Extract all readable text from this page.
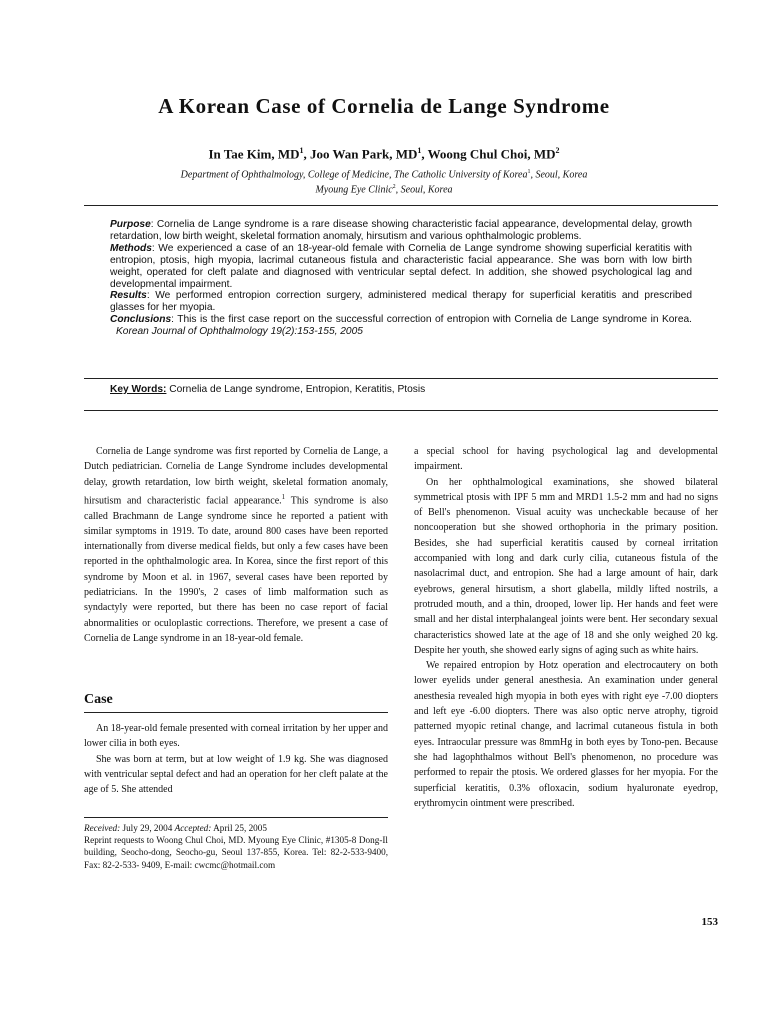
A Korean Case of Cornelia de Lange Syndrome
In Tae Kim, $MD^1$, Joo Wan Park, $MD^1$, Woong Chul Choi, $MD^2$
Department of Ophthalmology, College of Medicine, The Catholic University of Korea$^1$, Seoul, Korea
Myoung Eye Clinic$^2$, Seoul, Korea

Purpose: Cornelia de Lange syndrome is a rare disease showing characteristic facial appearance, developmental delay, growth retardation, low birth weight, skeletal formation anomaly, hirsutism and various ophthalmologic problems.

Methods: We experienced a case of an 18-year-old female with Cornelia de Lange syndrome showing superficial keratitis with entropion, ptosis, high myopia, lacrimal cutaneous fistula and characteristic facial appearance. She was born with low birth weight, operated for cleft palate and diagnosed with ventricular septal defect. In addition, she showed psychological lag and developmental impairment.

Results: We performed entropion correction surgery, administered medical therapy for superficial keratitis and prescribed glasses for her myopia.

Conclusions: This is the first case report on the successful correction of entropion with Cornelia de Lange syndrome in Korea. Korean Journal of Ophthalmology 19(2):153-155, 2005

Key Words: Cornelia de Lange syndrome, Entropion, Keratitis, Ptosis

Cornelia de Lange syndrome was first reported by Cornelia de Lange, a Dutch pediatrician. Cornelia de Lange Syndrome includes developmental delay, growth retardation, low birth weight, skeletal formation anomaly, hirsutism and characteristic facial appearance.$^1$ This syndrome is also called Brachmann de Lange syndrome since he reported a patient with similar symptoms in 1919. To date, around 800 cases have been reported internationally from diverse medical fields, but only a few cases have been reported in the ophthalmologic area. In Korea, since the first report of this syndrome by Moon et al. in 1967, several cases have been reported by pediatricians. In the 1990's, 2 cases of limb malformation such as syndactyly were reported, but there has been no case report of facial abnormalities or oculoplastic corrections. Therefore, we present a case of Cornelia de Lange syndrome in an 18-year-old female.

Case

An 18-year-old female presented with corneal irritation by her upper and lower cilia in both eyes.

She was born at term, but at low weight of 1.9 kg. She was diagnosed with ventricular septal defect and had an operation for her cleft palate at the age of 5. She attended

Received: July 29, 2004 Accepted: April 25, 2005

Reprint requests to Woong Chul Choi, MD. Myoung Eye Clinic, #1305-8 Dong-Il building, Seocho-dong, Seocho-gu, Seoul 137-855, Korea. Tel: 82-2-533-9400, Fax: 82-2-533- 9409, E-mail: cwcmc@hotmail.com

a special school for having psychological lag and developmental impairment.

On her ophthalmological examinations, she showed bilateral symmetrical ptosis with IPF 5 mm and MRD1 1.5-2 mm and had no signs of Bell's phenomenon. Visual acuity was uncheckable because of her noncooperation but she showed orthophoria in the primary position. Besides, she had superficial keratitis caused by corneal irritation accompanied with long and dark curly cilia, cutaneous fistula of the nasolacrimal duct, and entropion. She had a large amount of hair, dark eyebrows, general hirsutism, a short glabella, mildly lifted nostrils, a protruded mouth, and a thin, drooped, lower lip. Her hands and feet were small and her distal interphalangeal joints were bent. Her secondary sexual characteristics showed late at the age of 18 and she only weighed 20 kg. Despite her youth, she showed early signs of aging such as white hairs.

We repaired entropion by Hotz operation and electrocautery on both lower eyelids under general anesthesia. An examination under general anesthesia revealed high myopia in both eyes with right eye -7.00 diopters and left eye -6.00 diopters. There was also optic nerve atrophy, tigroid patterned myopic retinal change, and lacrimal cutaneous fistula in both eyes. Intraocular pressure was 8mmHg in both eyes by Tono-pen. Because she had lagophthalmos without Bell's phenomenon, no procedure was performed to repair the ptosis. We ordered glasses for her myopia. For the superficial keratitis, 0.3% ofloxacin, sodium hyaluronate eyedrop, erythromycin ointment were prescribed.

153
